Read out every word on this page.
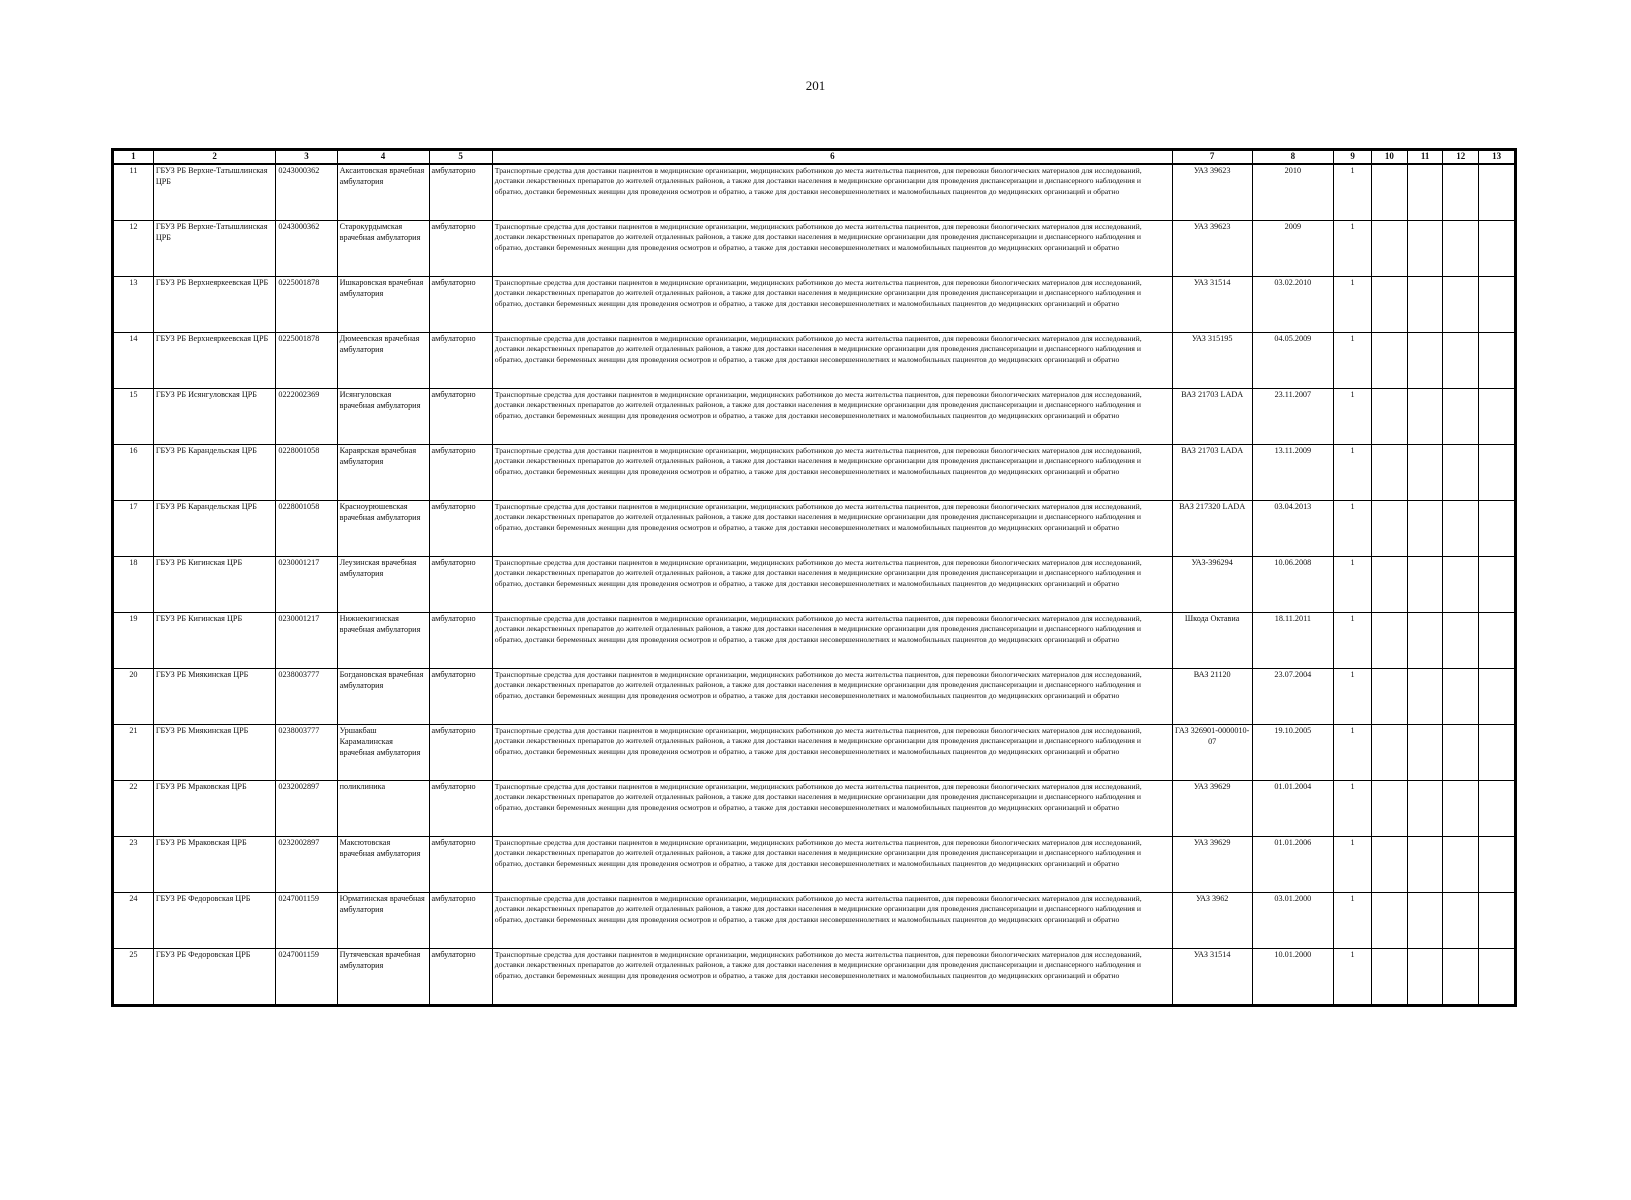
201
1	2	3	4	5	6	7	8	9	10	11	12	13
11	ГБУЗ РБ Верхне-Татышлинская ЦРБ	0243000362	Аксаитовская врачебная амбулатория	амбулаторно	Транспортные средства для доставки пациентов в медицинские организации, медицинских работников до места жительства пациентов, для перевозки биологических материалов для исследований, доставки лекарственных препаратов до жителей отдаленных районов, а также для доставки населения в медицинские организации для проведения диспансеризации и диспансерного наблюдения и обратно, доставки беременных женщин для проведения осмотров и обратно, а также для доставки несовершеннолетних и маломобильных пациентов до медицинских организаций и обратно	УАЗ 39623	2010	1				
12	ГБУЗ РБ Верхне-Татышлинская ЦРБ	0243000362	Старокурдымская врачебная амбулатория	амбулаторно	Транспортные средства для доставки пациентов в медицинские организации, медицинских работников до места жительства пациентов, для перевозки биологических материалов для исследований, доставки лекарственных препаратов до жителей отдаленных районов, а также для доставки населения в медицинские организации для проведения диспансеризации и диспансерного наблюдения и обратно, доставки беременных женщин для проведения осмотров и обратно, а также для доставки несовершеннолетних и маломобильных пациентов до медицинских организаций и обратно	УАЗ 39623	2009	1				
13	ГБУЗ РБ Верхнеяркеевская ЦРБ	0225001878	Ишкаровская врачебная амбулатория	амбулаторно	Транспортные средства для доставки пациентов в медицинские организации, медицинских работников до места жительства пациентов, для перевозки биологических материалов для исследований, доставки лекарственных препаратов до жителей отдаленных районов, а также для доставки населения в медицинские организации для проведения диспансеризации и диспансерного наблюдения и обратно, доставки беременных женщин для проведения осмотров и обратно, а также для доставки несовершеннолетних и маломобильных пациентов до медицинских организаций и обратно	УАЗ 31514	03.02.2010	1				
14	ГБУЗ РБ Верхнеяркеевская ЦРБ	0225001878	Дюмеевская врачебная амбулатория	амбулаторно	Транспортные средства для доставки пациентов в медицинские организации, медицинских работников до места жительства пациентов, для перевозки биологических материалов для исследований, доставки лекарственных препаратов до жителей отдаленных районов, а также для доставки населения в медицинские организации для проведения диспансеризации и диспансерного наблюдения и обратно, доставки беременных женщин для проведения осмотров и обратно, а также для доставки несовершеннолетних и маломобильных пациентов до медицинских организаций и обратно	УАЗ 315195	04.05.2009	1				
15	ГБУЗ РБ Исянгуловская ЦРБ	0222002369	Исянгуловская врачебная амбулатория	амбулаторно	Транспортные средства для доставки пациентов в медицинские организации, медицинских работников до места жительства пациентов, для перевозки биологических материалов для исследований, доставки лекарственных препаратов до жителей отдаленных районов, а также для доставки населения в медицинские организации для проведения диспансеризации и диспансерного наблюдения и обратно, доставки беременных женщин для проведения осмотров и обратно, а также для доставки несовершеннолетних и маломобильных пациентов до медицинских организаций и обратно	ВАЗ 21703 LADA	23.11.2007	1				
16	ГБУЗ РБ Карандельская ЦРБ	0228001058	Караярская врачебная амбулатория	амбулаторно	Транспортные средства для доставки пациентов в медицинские организации, медицинских работников до места жительства пациентов, для перевозки биологических материалов для исследований, доставки лекарственных препаратов до жителей отдаленных районов, а также для доставки населения в медицинские организации для проведения диспансеризации и диспансерного наблюдения и обратно, доставки беременных женщин для проведения осмотров и обратно, а также для доставки несовершеннолетних и маломобильных пациентов до медицинских организаций и обратно	ВАЗ 21703 LADA	13.11.2009	1				
17	ГБУЗ РБ Карандельская ЦРБ	0228001058	Красноурюшевская врачебная амбулатория	амбулаторно	Транспортные средства для доставки пациентов в медицинские организации, медицинских работников до места жительства пациентов, для перевозки биологических материалов для исследований, доставки лекарственных препаратов до жителей отдаленных районов, а также для доставки населения в медицинские организации для проведения диспансеризации и диспансерного наблюдения и обратно, доставки беременных женщин для проведения осмотров и обратно, а также для доставки несовершеннолетних и маломобильных пациентов до медицинских организаций и обратно	ВАЗ 217320 LADA	03.04.2013	1				
18	ГБУЗ РБ Кигинская ЦРБ	0230001217	Леузинская врачебная амбулатория	амбулаторно	Транспортные средства для доставки пациентов в медицинские организации, медицинских работников до места жительства пациентов, для перевозки биологических материалов для исследований, доставки лекарственных препаратов до жителей отдаленных районов, а также для доставки населения в медицинские организации для проведения диспансеризации и диспансерного наблюдения и обратно, доставки беременных женщин для проведения осмотров и обратно, а также для доставки несовершеннолетних и маломобильных пациентов до медицинских организаций и обратно	УАЗ-396294	10.06.2008	1				
19	ГБУЗ РБ Кигинская ЦРБ	0230001217	Нижнекигинская врачебная амбулатория	амбулаторно	Транспортные средства для доставки пациентов в медицинские организации, медицинских работников до места жительства пациентов, для перевозки биологических материалов для исследований, доставки лекарственных препаратов до жителей отдаленных районов, а также для доставки населения в медицинские организации для проведения диспансеризации и диспансерного наблюдения и обратно, доставки беременных женщин для проведения осмотров и обратно, а также для доставки несовершеннолетних и маломобильных пациентов до медицинских организаций и обратно	Шкода Октавиа	18.11.2011	1				
20	ГБУЗ РБ Миякинская ЦРБ	0238003777	Богдановская врачебная амбулатория	амбулаторно	Транспортные средства для доставки пациентов в медицинские организации, медицинских работников до места жительства пациентов, для перевозки биологических материалов для исследований, доставки лекарственных препаратов до жителей отдаленных районов, а также для доставки населения в медицинские организации для проведения диспансеризации и диспансерного наблюдения и обратно, доставки беременных женщин для проведения осмотров и обратно, а также для доставки несовершеннолетних и маломобильных пациентов до медицинских организаций и обратно	ВАЗ 21120	23.07.2004	1				
21	ГБУЗ РБ Миякинская ЦРБ	0238003777	Уршакбаш Карамалинская врачебная амбулатория	амбулаторно	Транспортные средства для доставки пациентов в медицинские организации, медицинских работников до места жительства пациентов, для перевозки биологических материалов для исследований, доставки лекарственных препаратов до жителей отдаленных районов, а также для доставки населения в медицинские организации для проведения диспансеризации и диспансерного наблюдения и обратно, доставки беременных женщин для проведения осмотров и обратно, а также для доставки несовершеннолетних и маломобильных пациентов до медицинских организаций и обратно	ГАЗ 326901-0000010-07	19.10.2005	1				
22	ГБУЗ РБ Мраковская ЦРБ	0232002897	поликлиника	амбулаторно	Транспортные средства для доставки пациентов в медицинские организации, медицинских работников до места жительства пациентов, для перевозки биологических материалов для исследований, доставки лекарственных препаратов до жителей отдаленных районов, а также для доставки населения в медицинские организации для проведения диспансеризации и диспансерного наблюдения и обратно, доставки беременных женщин для проведения осмотров и обратно, а также для доставки несовершеннолетних и маломобильных пациентов до медицинских организаций и обратно	УАЗ 39629	01.01.2004	1				
23	ГБУЗ РБ Мраковская ЦРБ	0232002897	Максютовская врачебная амбулатория	амбулаторно	Транспортные средства для доставки пациентов в медицинские организации, медицинских работников до места жительства пациентов, для перевозки биологических материалов для исследований, доставки лекарственных препаратов до жителей отдаленных районов, а также для доставки населения в медицинские организации для проведения диспансеризации и диспансерного наблюдения и обратно, доставки беременных женщин для проведения осмотров и обратно, а также для доставки несовершеннолетних и маломобильных пациентов до медицинских организаций и обратно	УАЗ 39629	01.01.2006	1				
24	ГБУЗ РБ Федоровская ЦРБ	0247001159	Юрматинская врачебная амбулатория	амбулаторно	Транспортные средства для доставки пациентов в медицинские организации, медицинских работников до места жительства пациентов, для перевозки биологических материалов для исследований, доставки лекарственных препаратов до жителей отдаленных районов, а также для доставки населения в медицинские организации для проведения диспансеризации и диспансерного наблюдения и обратно, доставки беременных женщин для проведения осмотров и обратно, а также для доставки несовершеннолетних и маломобильных пациентов до медицинских организаций и обратно	УАЗ 3962	03.01.2000	1				
25	ГБУЗ РБ Федоровская ЦРБ	0247001159	Путячевская врачебная амбулатория	амбулаторно	Транспортные средства для доставки пациентов в медицинские организации, медицинских работников до места жительства пациентов, для перевозки биологических материалов для исследований, доставки лекарственных препаратов до жителей отдаленных районов, а также для доставки населения в медицинские организации для проведения диспансеризации и диспансерного наблюдения и обратно, доставки беременных женщин для проведения осмотров и обратно, а также для доставки несовершеннолетних и маломобильных пациентов до медицинских организаций и обратно	УАЗ 31514	10.01.2000	1				
